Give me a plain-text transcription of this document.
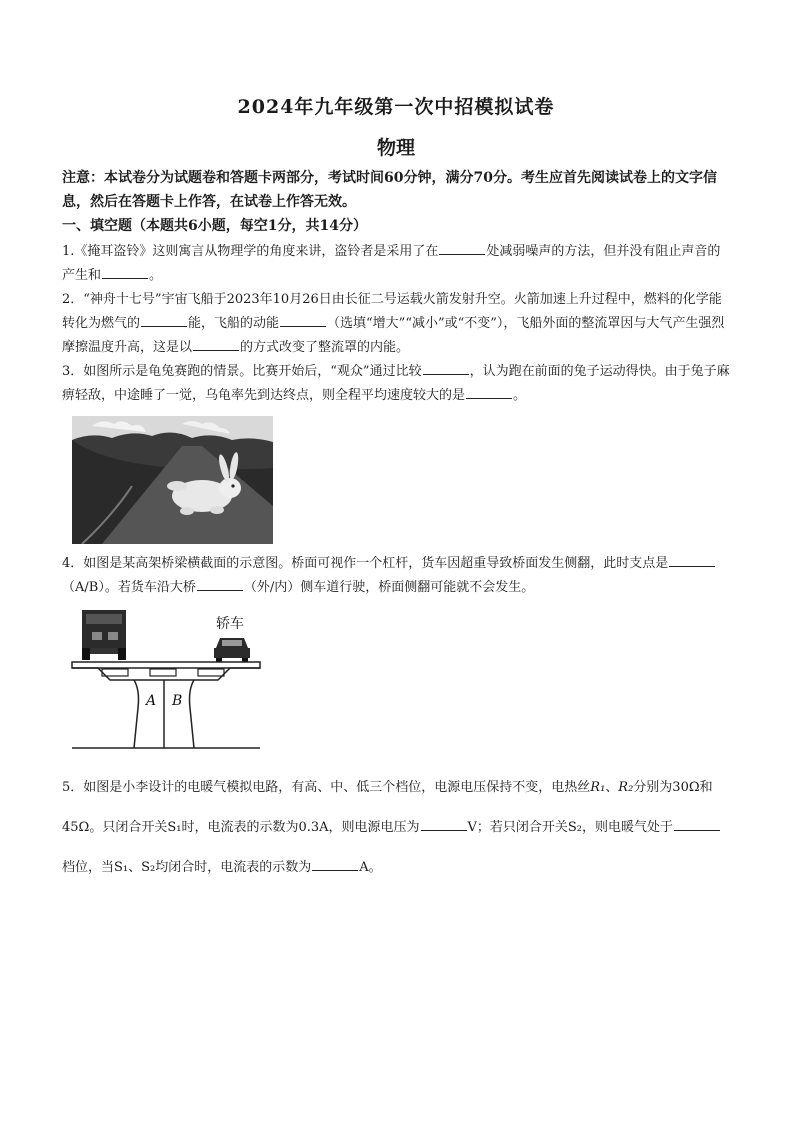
2024年九年级第一次中招模拟试卷
物理

注意：本试卷分为试题卷和答题卡两部分，考试时间60分钟，满分70分。考生应首先阅读试卷上的文字信息，然后在答题卡上作答，在试卷上作答无效。

一、填空题（本题共6小题，每空1分，共14分）

1.《掩耳盗铃》这则寓言从物理学的角度来讲，盗铃者是采用了在	处减弱噪声的方法，但并没有阻止声音的产生和	。

2．“神舟十七号”宇宙飞船于2023年10月26日由长征二号运载火箭发射升空。火箭加速上升过程中，燃料的化学能转化为燃气的	能，飞船的动能	（选填“增大”“减小”或“不变”），飞船外面的整流罩因与大气产生强烈摩擦温度升高，这是以	的方式改变了整流罩的内能。

3．如图所示是龟兔赛跑的情景。比赛开始后，“观众”通过比较	，认为跑在前面的兔子运动得快。由于兔子麻痹轻敌，中途睡了一觉，乌龟率先到达终点，则全程平均速度较大的是	。

4．如图是某高架桥梁横截面的示意图。桥面可视作一个杠杆，货车因超重导致桥面发生侧翻，此时支点是（A/B）。若货车沿大桥	（外/内）侧车道行驶，桥面侧翻可能就不会发生。

轿车
A B

5．如图是小李设计的电暖气模拟电路，有高、中、低三个档位，电源电压保持不变，电热丝R₁、R₂分别为30Ω和45Ω。只闭合开关S₁时，电流表的示数为0.3A，则电源电压为	V；若只闭合开关S₂，则电暖气处于档位，当S₁、S₂均闭合时，电流表的示数为	A。
